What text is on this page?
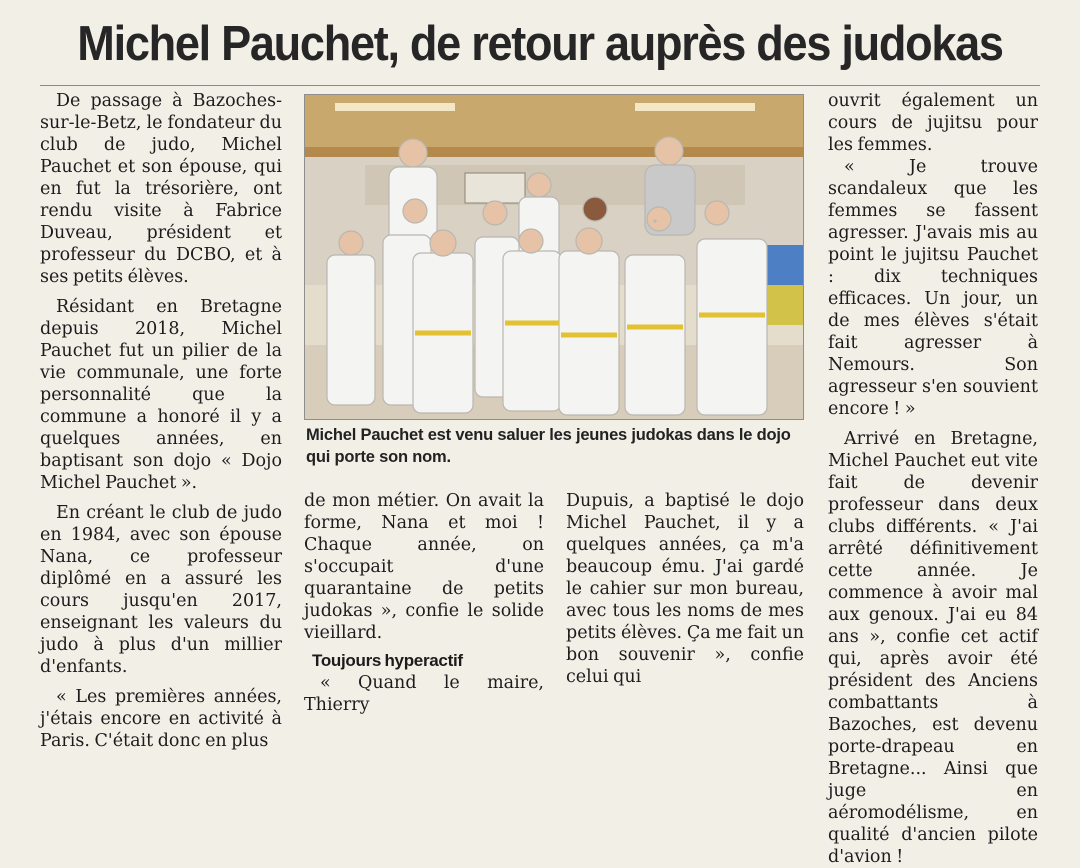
Michel Pauchet, de retour auprès des judokas

De passage à Bazoches-sur-le-Betz, le fondateur du club de judo, Michel Pauchet et son épouse, qui en fut la trésorière, ont rendu visite à Fabrice Duveau, président et professeur du DCBO, et à ses petits élèves.

Résidant en Bretagne depuis 2018, Michel Pauchet fut un pilier de la vie communale, une forte personnalité que la commune a honoré il y a quelques années, en baptisant son dojo « Dojo Michel Pauchet ».

En créant le club de judo en 1984, avec son épouse Nana, ce professeur diplômé en a assuré les cours jusqu'en 2017, enseignant les valeurs du judo à plus d'un millier d'enfants.

« Les premières années, j'étais encore en activité à Paris. C'était donc en plus

Michel Pauchet est venu saluer les jeunes judokas dans le dojo qui porte son nom.

de mon métier. On avait la forme, Nana et moi ! Chaque année, on s'occupait d'une quarantaine de petits judokas », confie le solide vieillard.

Toujours hyperactif

« Quand le maire, Thierry

Dupuis, a baptisé le dojo Michel Pauchet, il y a quelques années, ça m'a beaucoup ému. J'ai gardé le cahier sur mon bureau, avec tous les noms de mes petits élèves. Ça me fait un bon souvenir », confie celui qui

ouvrit également un cours de jujitsu pour les femmes.

« Je trouve scandaleux que les femmes se fassent agresser. J'avais mis au point le jujitsu Pauchet : dix techniques efficaces. Un jour, un de mes élèves s'était fait agresser à Nemours. Son agresseur s'en souvient encore ! »

Arrivé en Bretagne, Michel Pauchet eut vite fait de devenir professeur dans deux clubs différents. « J'ai arrêté définitivement cette année. Je commence à avoir mal aux genoux. J'ai eu 84 ans », confie cet actif qui, après avoir été président des Anciens combattants à Bazoches, est devenu porte-drapeau en Bretagne... Ainsi que juge en aéromodélisme, en qualité d'ancien pilote d'avion !
